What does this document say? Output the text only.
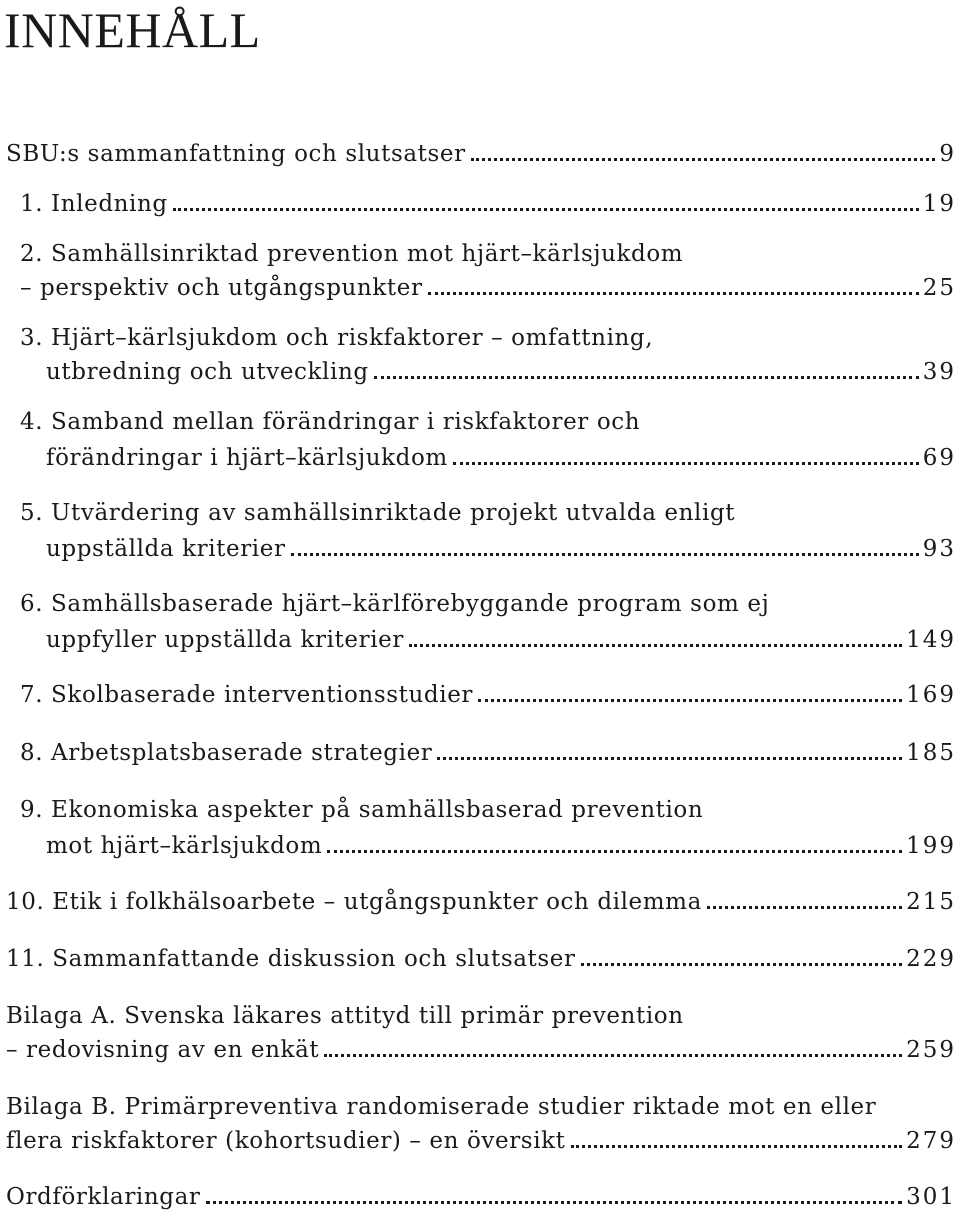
INNEHÅLL
SBU:s sammanfattning och slutsatser	9
1. Inledning	19
2. Samhällsinriktad prevention mot hjärt–kärlsjukdom
– perspektiv och utgångspunkter	25
3. Hjärt–kärlsjukdom och riskfaktorer – omfattning,
utbredning och utveckling	39
4. Samband mellan förändringar i riskfaktorer och
förändringar i hjärt–kärlsjukdom	69
5. Utvärdering av samhällsinriktade projekt utvalda enligt
uppställda kriterier	93
6. Samhällsbaserade hjärt–kärlförebyggande program som ej
uppfyller uppställda kriterier	149
7. Skolbaserade interventionsstudier	169
8. Arbetsplatsbaserade strategier	185
9. Ekonomiska aspekter på samhällsbaserad prevention
mot hjärt–kärlsjukdom	199
10. Etik i folkhälsoarbete – utgångspunkter och dilemma	215
11. Sammanfattande diskussion och slutsatser	229
Bilaga A. Svenska läkares attityd till primär prevention
– redovisning av en enkät	259
Bilaga B. Primärpreventiva randomiserade studier riktade mot en eller
flera riskfaktorer (kohortsudier) – en översikt	279
Ordförklaringar	301
